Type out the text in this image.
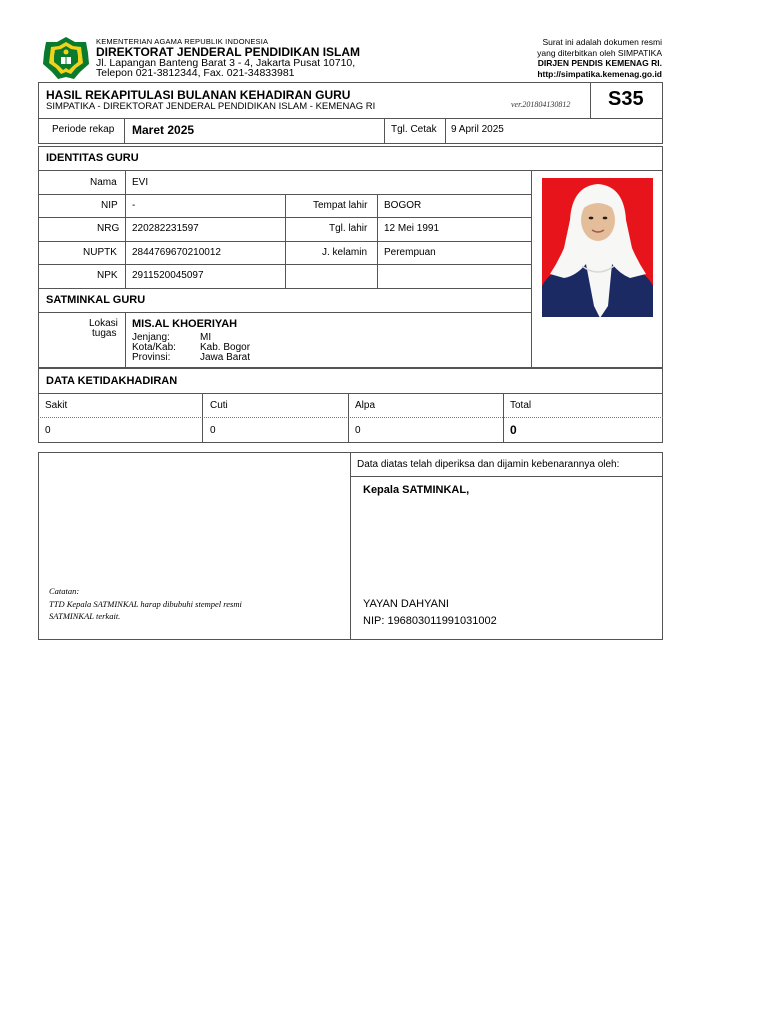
KEMENTERIAN AGAMA REPUBLIK INDONESIA
DIREKTORAT JENDERAL PENDIDIKAN ISLAM
Jl. Lapangan Banteng Barat 3 - 4, Jakarta Pusat 10710,
Telepon 021-3812344, Fax. 021-34833981
Surat ini adalah dokumen resmi
yang diterbitkan oleh SIMPATIKA
DIRJEN PENDIS KEMENAG RI.
http://simpatika.kemenag.go.id
HASIL REKAPITULASI BULANAN KEHADIRAN GURU
SIMPATIKA - DIREKTORAT JENDERAL PENDIDIKAN ISLAM - KEMENAG RI	ver.20180413081​2 S35
Periode rekap Maret 2025	Tgl. Cetak 9 April 2025
IDENTITAS GURU
Nama EVI
NIP -	Tempat lahir BOGOR
NRG 220282231597	Tgl. lahir 12 Mei 1991
NUPTK 2844769670210012	J. kelamin Perempuan
NPK 2911520045097
SATMINKAL GURU
Lokasi
tugas
MIS.AL KHOERIYAH
Jenjang:	MI
Kota/Kab: Kab. Bogor
Provinsi:	Jawa Barat
DATA KETIDAKHADIRAN
Sakit	Cuti	Alpa	Total
0	0	0	0
Data diatas telah diperiksa dan dijamin kebenarannya oleh:
Kepala SATMINKAL,
YAYAN DAHYANI
NIP: 196803011991031002
Catatan:
TTD Kepala SATMINKAL harap dibubuhi stempel resmi
SATMINKAL terkait.
